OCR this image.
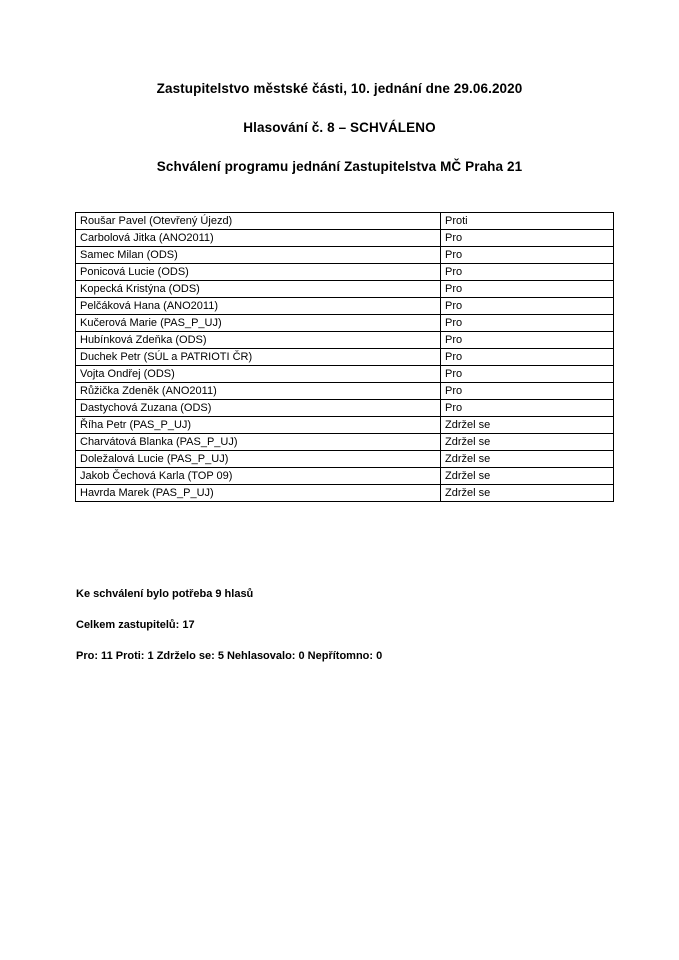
Zastupitelstvo městské části, 10. jednání dne 29.06.2020
Hlasování č. 8 – SCHVÁLENO
Schválení programu jednání Zastupitelstva MČ Praha 21
Roušar Pavel (Otevřený Újezd)	Proti
Carbolová Jitka (ANO2011)	Pro
Samec Milan (ODS)	Pro
Ponicová Lucie (ODS)	Pro
Kopecká Kristýna (ODS)	Pro
Pelčáková Hana (ANO2011)	Pro
Kučerová Marie (PAS_P_UJ)	Pro
Hubínková Zdeňka (ODS)	Pro
Duchek Petr (SÚL a PATRIOTI ČR)	Pro
Vojta Ondřej (ODS)	Pro
Růžička Zdeněk (ANO2011)	Pro
Dastychová Zuzana (ODS)	Pro
Říha Petr (PAS_P_UJ)	Zdržel se
Charvátová Blanka (PAS_P_UJ)	Zdržel se
Doležalová Lucie (PAS_P_UJ)	Zdržel se
Jakob Čechová Karla (TOP 09)	Zdržel se
Havrda Marek (PAS_P_UJ)	Zdržel se
Ke schválení bylo potřeba 9 hlasů
Celkem zastupitelů: 17
Pro: 11 Proti: 1 Zdrželo se: 5 Nehlasovalo: 0 Nepřítomno: 0
